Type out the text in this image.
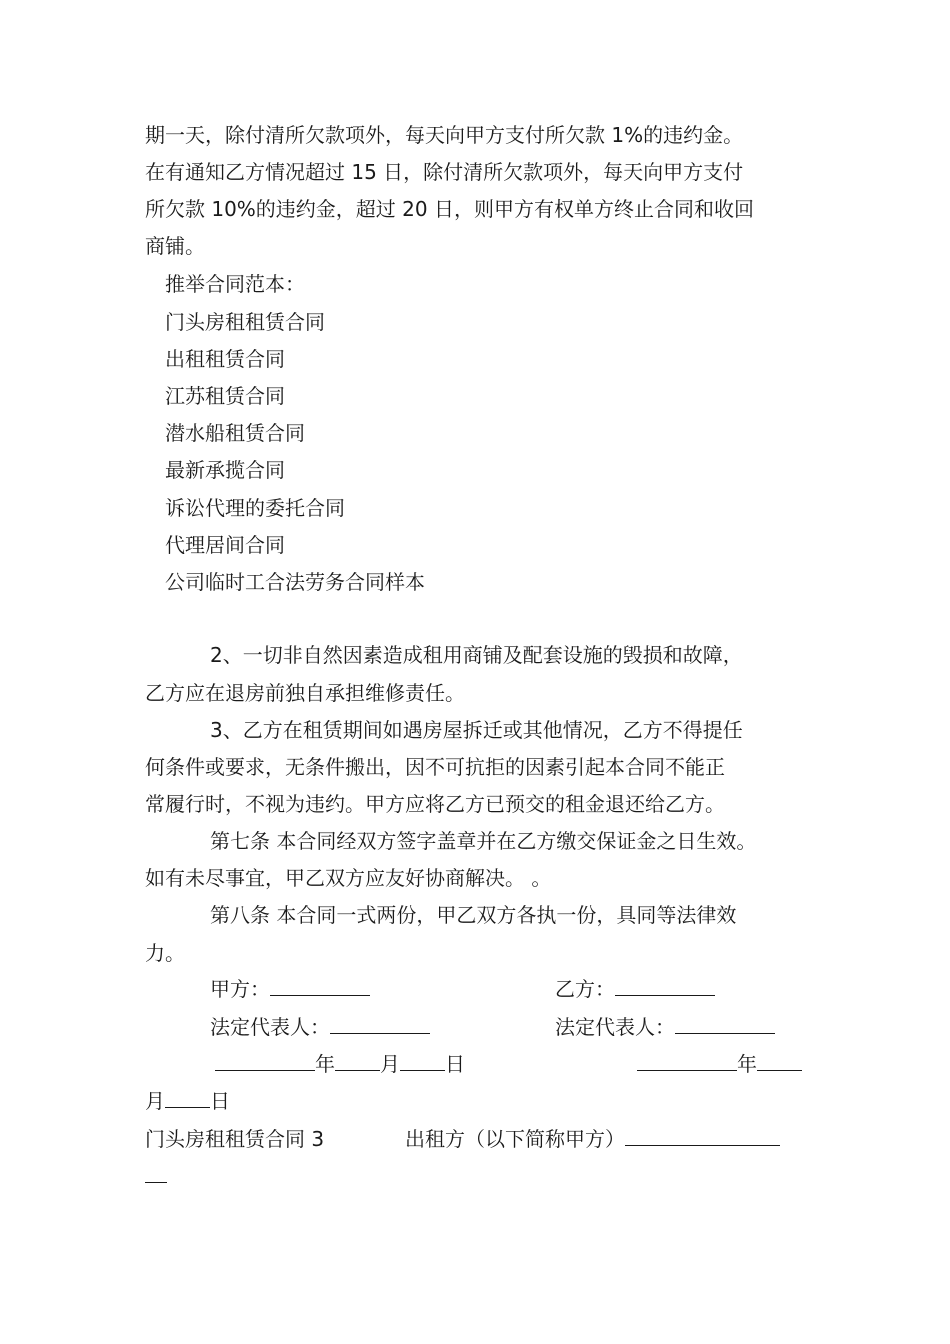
期一天，除付清所欠款项外，每天向甲方支付所欠款 1%的违约金。
在有通知乙方情况超过 15 日，除付清所欠款项外，每天向甲方支付
所欠款 10%的违约金，超过 20 日，则甲方有权单方终止合同和收回
商铺。
推举合同范本：
门头房租租赁合同
出租租赁合同
江苏租赁合同
潜水船租赁合同
最新承揽合同
诉讼代理的委托合同
代理居间合同
公司临时工合法劳务合同样本
2、一切非自然因素造成租用商铺及配套设施的毁损和故障，
乙方应在退房前独自承担维修责任。
3、乙方在租赁期间如遇房屋拆迁或其他情况，乙方不得提任
何条件或要求，无条件搬出，因不可抗拒的因素引起本合同不能正
常履行时，不视为违约。甲方应将乙方已预交的租金退还给乙方。
第七条 本合同经双方签字盖章并在乙方缴交保证金之日生效。
如有未尽事宜，甲乙双方应友好协商解决。 。
第八条 本合同一式两份，甲乙双方各执一份，具同等法律效
力。
甲方：	乙方：
法定代表人：	法定代表人：
年 月 日	年
月 日
门头房租租赁合同 3	出租方（以下简称甲方）
